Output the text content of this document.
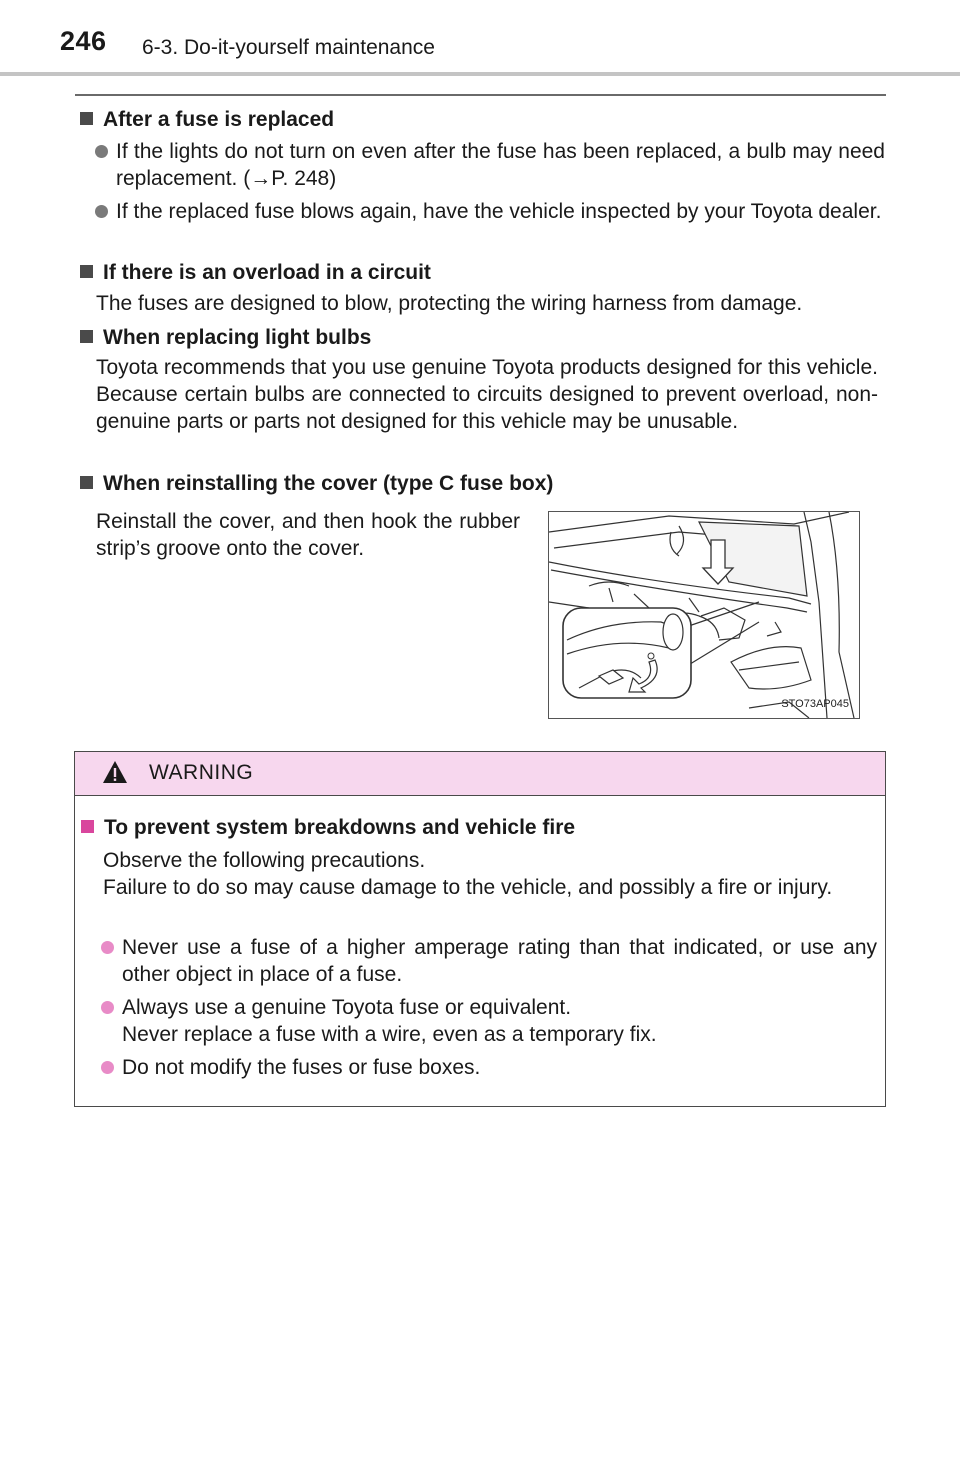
246 6-3. Do-it-yourself maintenance
After a fuse is replaced
If the lights do not turn on even after the fuse has been replaced, a bulb may need replacement. (→P. 248)
If the replaced fuse blows again, have the vehicle inspected by your Toyota dealer.
If there is an overload in a circuit
The fuses are designed to blow, protecting the wiring harness from damage.
When replacing light bulbs
Toyota recommends that you use genuine Toyota products designed for this vehicle. Because certain bulbs are connected to circuits designed to prevent overload, non-genuine parts or parts not designed for this vehicle may be unusable.
When reinstalling the cover (type C fuse box)
Reinstall the cover, and then hook the rubber strip’s groove onto the cover.
STO73AP045
WARNING
To prevent system breakdowns and vehicle fire
Observe the following precautions.
Failure to do so may cause damage to the vehicle, and possibly a fire or injury.
Never use a fuse of a higher amperage rating than that indicated, or use any other object in place of a fuse.
Always use a genuine Toyota fuse or equivalent.
Never replace a fuse with a wire, even as a temporary fix.
Do not modify the fuses or fuse boxes.
